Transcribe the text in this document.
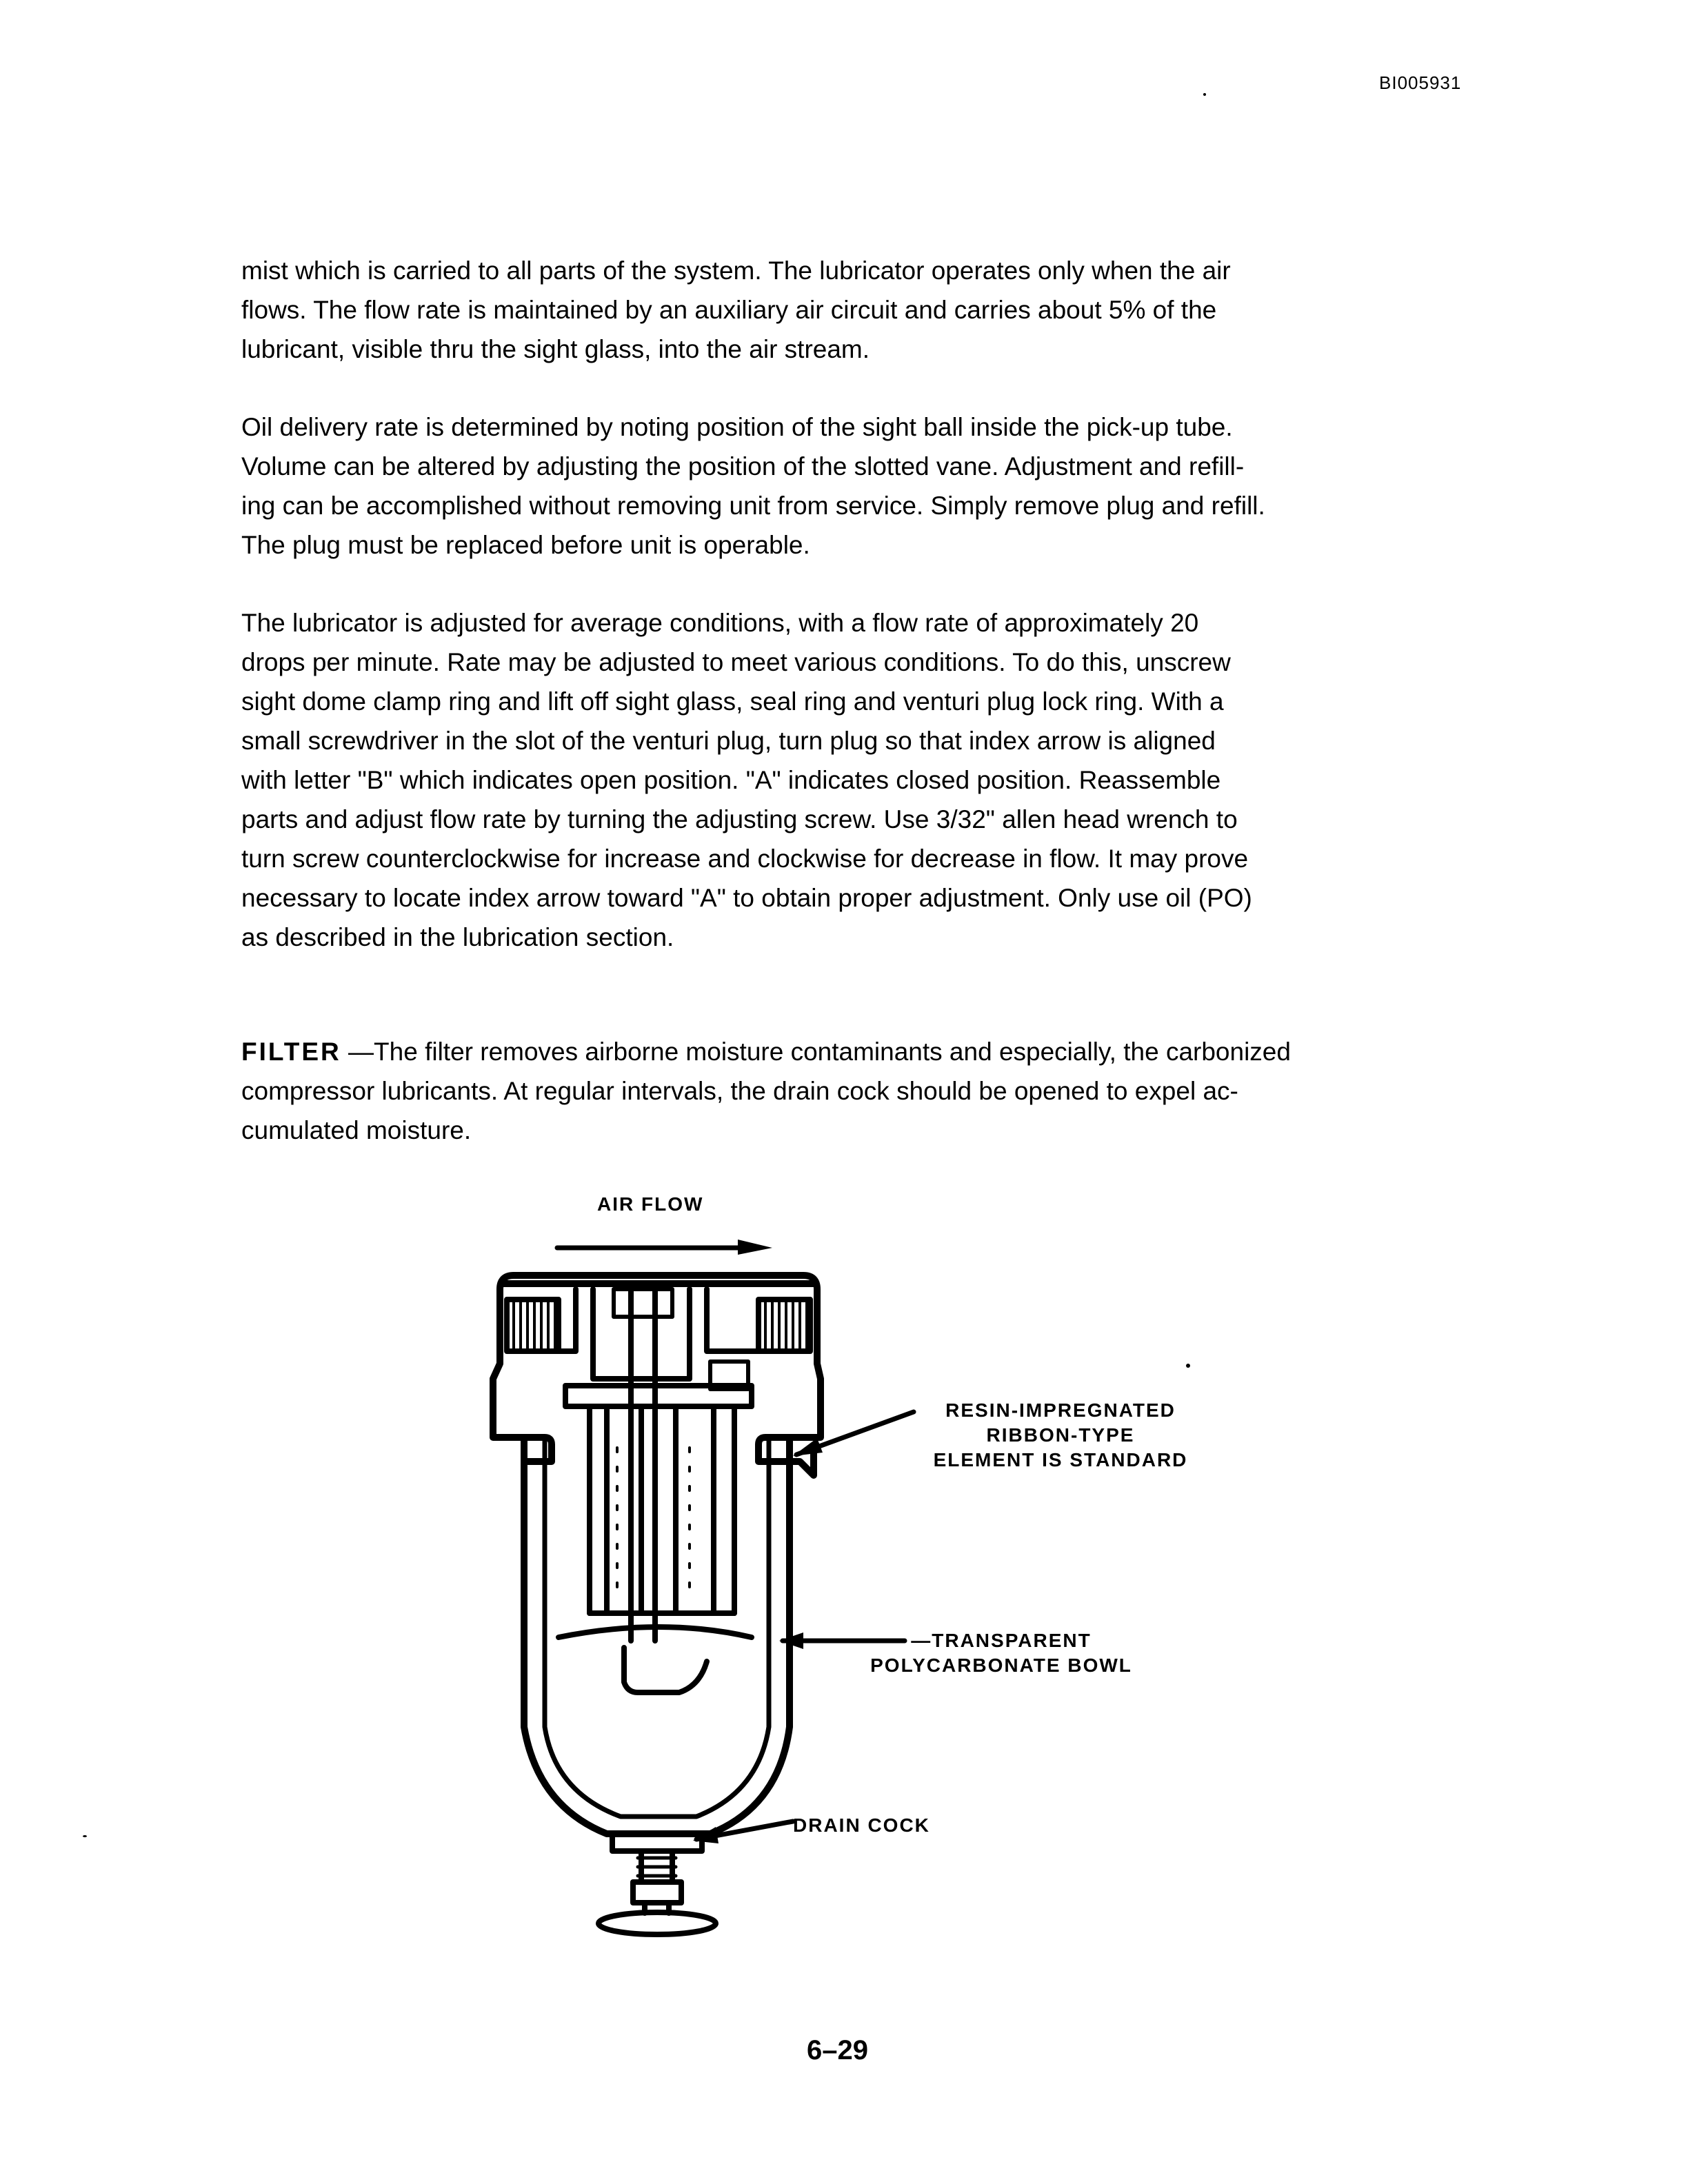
BI005931

mist which is carried to all parts of the system. The lubricator operates only when the air
flows. The flow rate is maintained by an auxiliary air circuit and carries about 5% of the
lubricant, visible thru the sight glass, into the air stream.

Oil delivery rate is determined by noting position of the sight ball inside the pick-up tube.
Volume can be altered by adjusting the position of the slotted vane. Adjustment and refill-
ing can be accomplished without removing unit from service. Simply remove plug and refill.
The plug must be replaced before unit is operable.

The lubricator is adjusted for average conditions, with a flow rate of approximately 20
drops per minute. Rate may be adjusted to meet various conditions. To do this, unscrew
sight dome clamp ring and lift off sight glass, seal ring and venturi plug lock ring. With a
small screwdriver in the slot of the venturi plug, turn plug so that index arrow is aligned
with letter "B" which indicates open position. "A" indicates closed position. Reassemble
parts and adjust flow rate by turning the adjusting screw. Use 3/32" allen head wrench to
turn screw counterclockwise for increase and clockwise for decrease in flow. It may prove
necessary to locate index arrow toward "A" to obtain proper adjustment. Only use oil (PO)
as described in the lubrication section.

FILTER —The filter removes airborne moisture contaminants and especially, the carbonized
compressor lubricants. At regular intervals, the drain cock should be opened to expel ac-
cumulated moisture.

AIR FLOW
RESIN-IMPREGNATED
RIBBON-TYPE
ELEMENT IS STANDARD
—TRANSPARENT
POLYCARBONATE BOWL
DRAIN COCK
6–29
